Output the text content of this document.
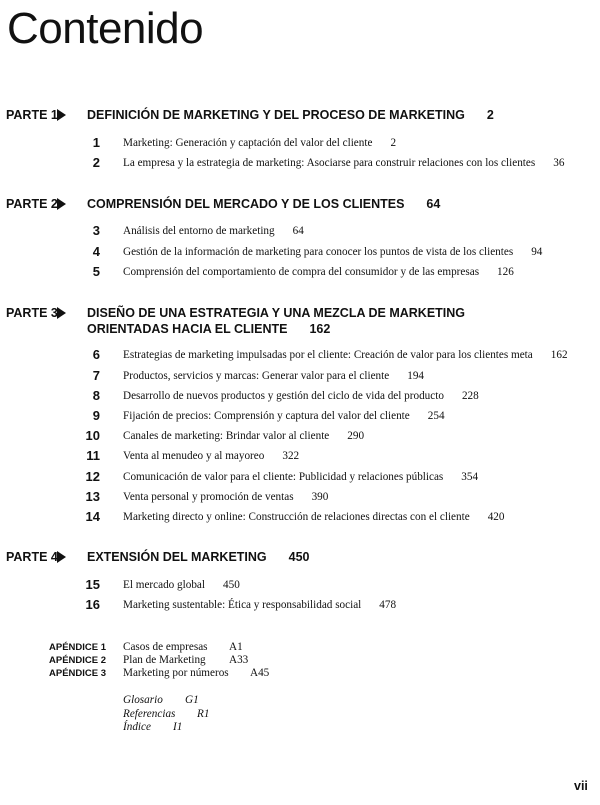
Contenido
PARTE 1 DEFINICIÓN DE MARKETING Y DEL PROCESO DE MARKETING 2
1 Marketing: Generación y captación del valor del cliente 2
2 La empresa y la estrategia de marketing: Asociarse para construir relaciones con los clientes 36
PARTE 2 COMPRENSIÓN DEL MERCADO Y DE LOS CLIENTES 64
3 Análisis del entorno de marketing 64
4 Gestión de la información de marketing para conocer los puntos de vista de los clientes 94
5 Comprensión del comportamiento de compra del consumidor y de las empresas 126
PARTE 3 DISEÑO DE UNA ESTRATEGIA Y UNA MEZCLA DE MARKETING
ORIENTADAS HACIA EL CLIENTE 162
6 Estrategias de marketing impulsadas por el cliente: Creación de valor para los clientes meta 162
7 Productos, servicios y marcas: Generar valor para el cliente 194
8 Desarrollo de nuevos productos y gestión del ciclo de vida del producto 228
9 Fijación de precios: Comprensión y captura del valor del cliente 254
10 Canales de marketing: Brindar valor al cliente 290
11 Venta al menudeo y al mayoreo 322
12 Comunicación de valor para el cliente: Publicidad y relaciones públicas 354
13 Venta personal y promoción de ventas 390
14 Marketing directo y online: Construcción de relaciones directas con el cliente 420
PARTE 4 EXTENSIÓN DEL MARKETING 450
15 El mercado global 450
16 Marketing sustentable: Ética y responsabilidad social 478
APÉNDICE 1 Casos de empresas A1
APÉNDICE 2 Plan de Marketing A33
APÉNDICE 3 Marketing por números A45
Glosario G1
Referencias R1
Índice I1
vii
